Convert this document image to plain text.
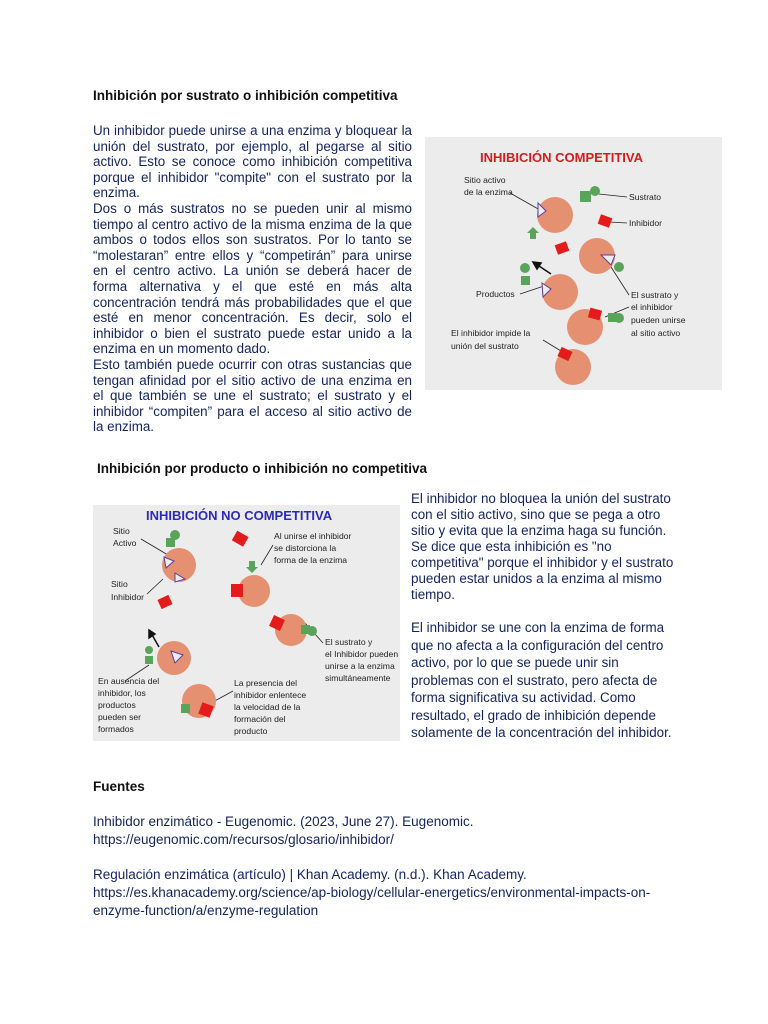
Inhibición por sustrato o inhibición competitiva

Un inhibidor puede unirse a una enzima y bloquear la unión del sustrato, por ejemplo, al pegarse al sitio activo. Esto se conoce como inhibición competitiva porque el inhibidor "compite" con el sustrato por la enzima.

Dos o más sustratos no se pueden unir al mismo tiempo al centro activo de la misma enzima de la que ambos o todos ellos son sustratos. Por lo tanto se “molestaran” entre ellos y “competirán” para unirse en el centro activo. La unión se deberá hacer de forma alternativa y el que esté en más alta concentración tendrá más probabilidades que el que esté en menor concentración. Es decir, solo el inhibidor o bien el sustrato puede estar unido a la enzima en un momento dado.

Esto también puede ocurrir con otras sustancias que tengan afinidad por el sitio activo de una enzima en el que también se une el sustrato; el sustrato y el inhibidor “compiten” para el acceso al sitio activo de la enzima.

INHIBICIÓN COMPETITIVA
Sitio activo
de la enzima	Sustrato
Inhibidor
Productos	El sustrato y
el inhibidor
pueden unirse
al sitio activo
El inhibidor impide la
unión del sustrato
Inhibición por producto o inhibición no competitiva
INHIBICIÓN NO COMPETITIVA
Sitio
Activo
Sitio
Inhibidor
Al unirse el inhibidor
se distorciona la
forma de la enzima
En ausencia del
inhibidor, los
productos
pueden ser
formados
La presencia del
inhibidor enlentece
la velocidad de la
formación del
producto
El sustrato y
el Inhibidor pueden
unirse a la enzima
simultáneamente

El inhibidor no bloquea la unión del sustrato con el sitio activo, sino que se pega a otro sitio y evita que la enzima haga su función. Se dice que esta inhibición es "no competitiva" porque el inhibidor y el sustrato pueden estar unidos a la enzima al mismo tiempo.

El inhibidor se une con la enzima de forma que no afecta a la configuración del centro activo, por lo que se puede unir sin problemas con el sustrato, pero afecta de forma significativa su actividad. Como resultado, el grado de inhibición depende solamente de la concentración del inhibidor.

Fuentes

Inhibidor enzimático - Eugenomic. (2023, June 27). Eugenomic.

https://eugenomic.com/recursos/glosario/inhibidor/

Regulación enzimática (artículo) | Khan Academy. (n.d.). Khan Academy.

https://es.khanacademy.org/science/ap-biology/cellular-energetics/environmental-impacts-on-enzyme-function/a/enzyme-regulation
